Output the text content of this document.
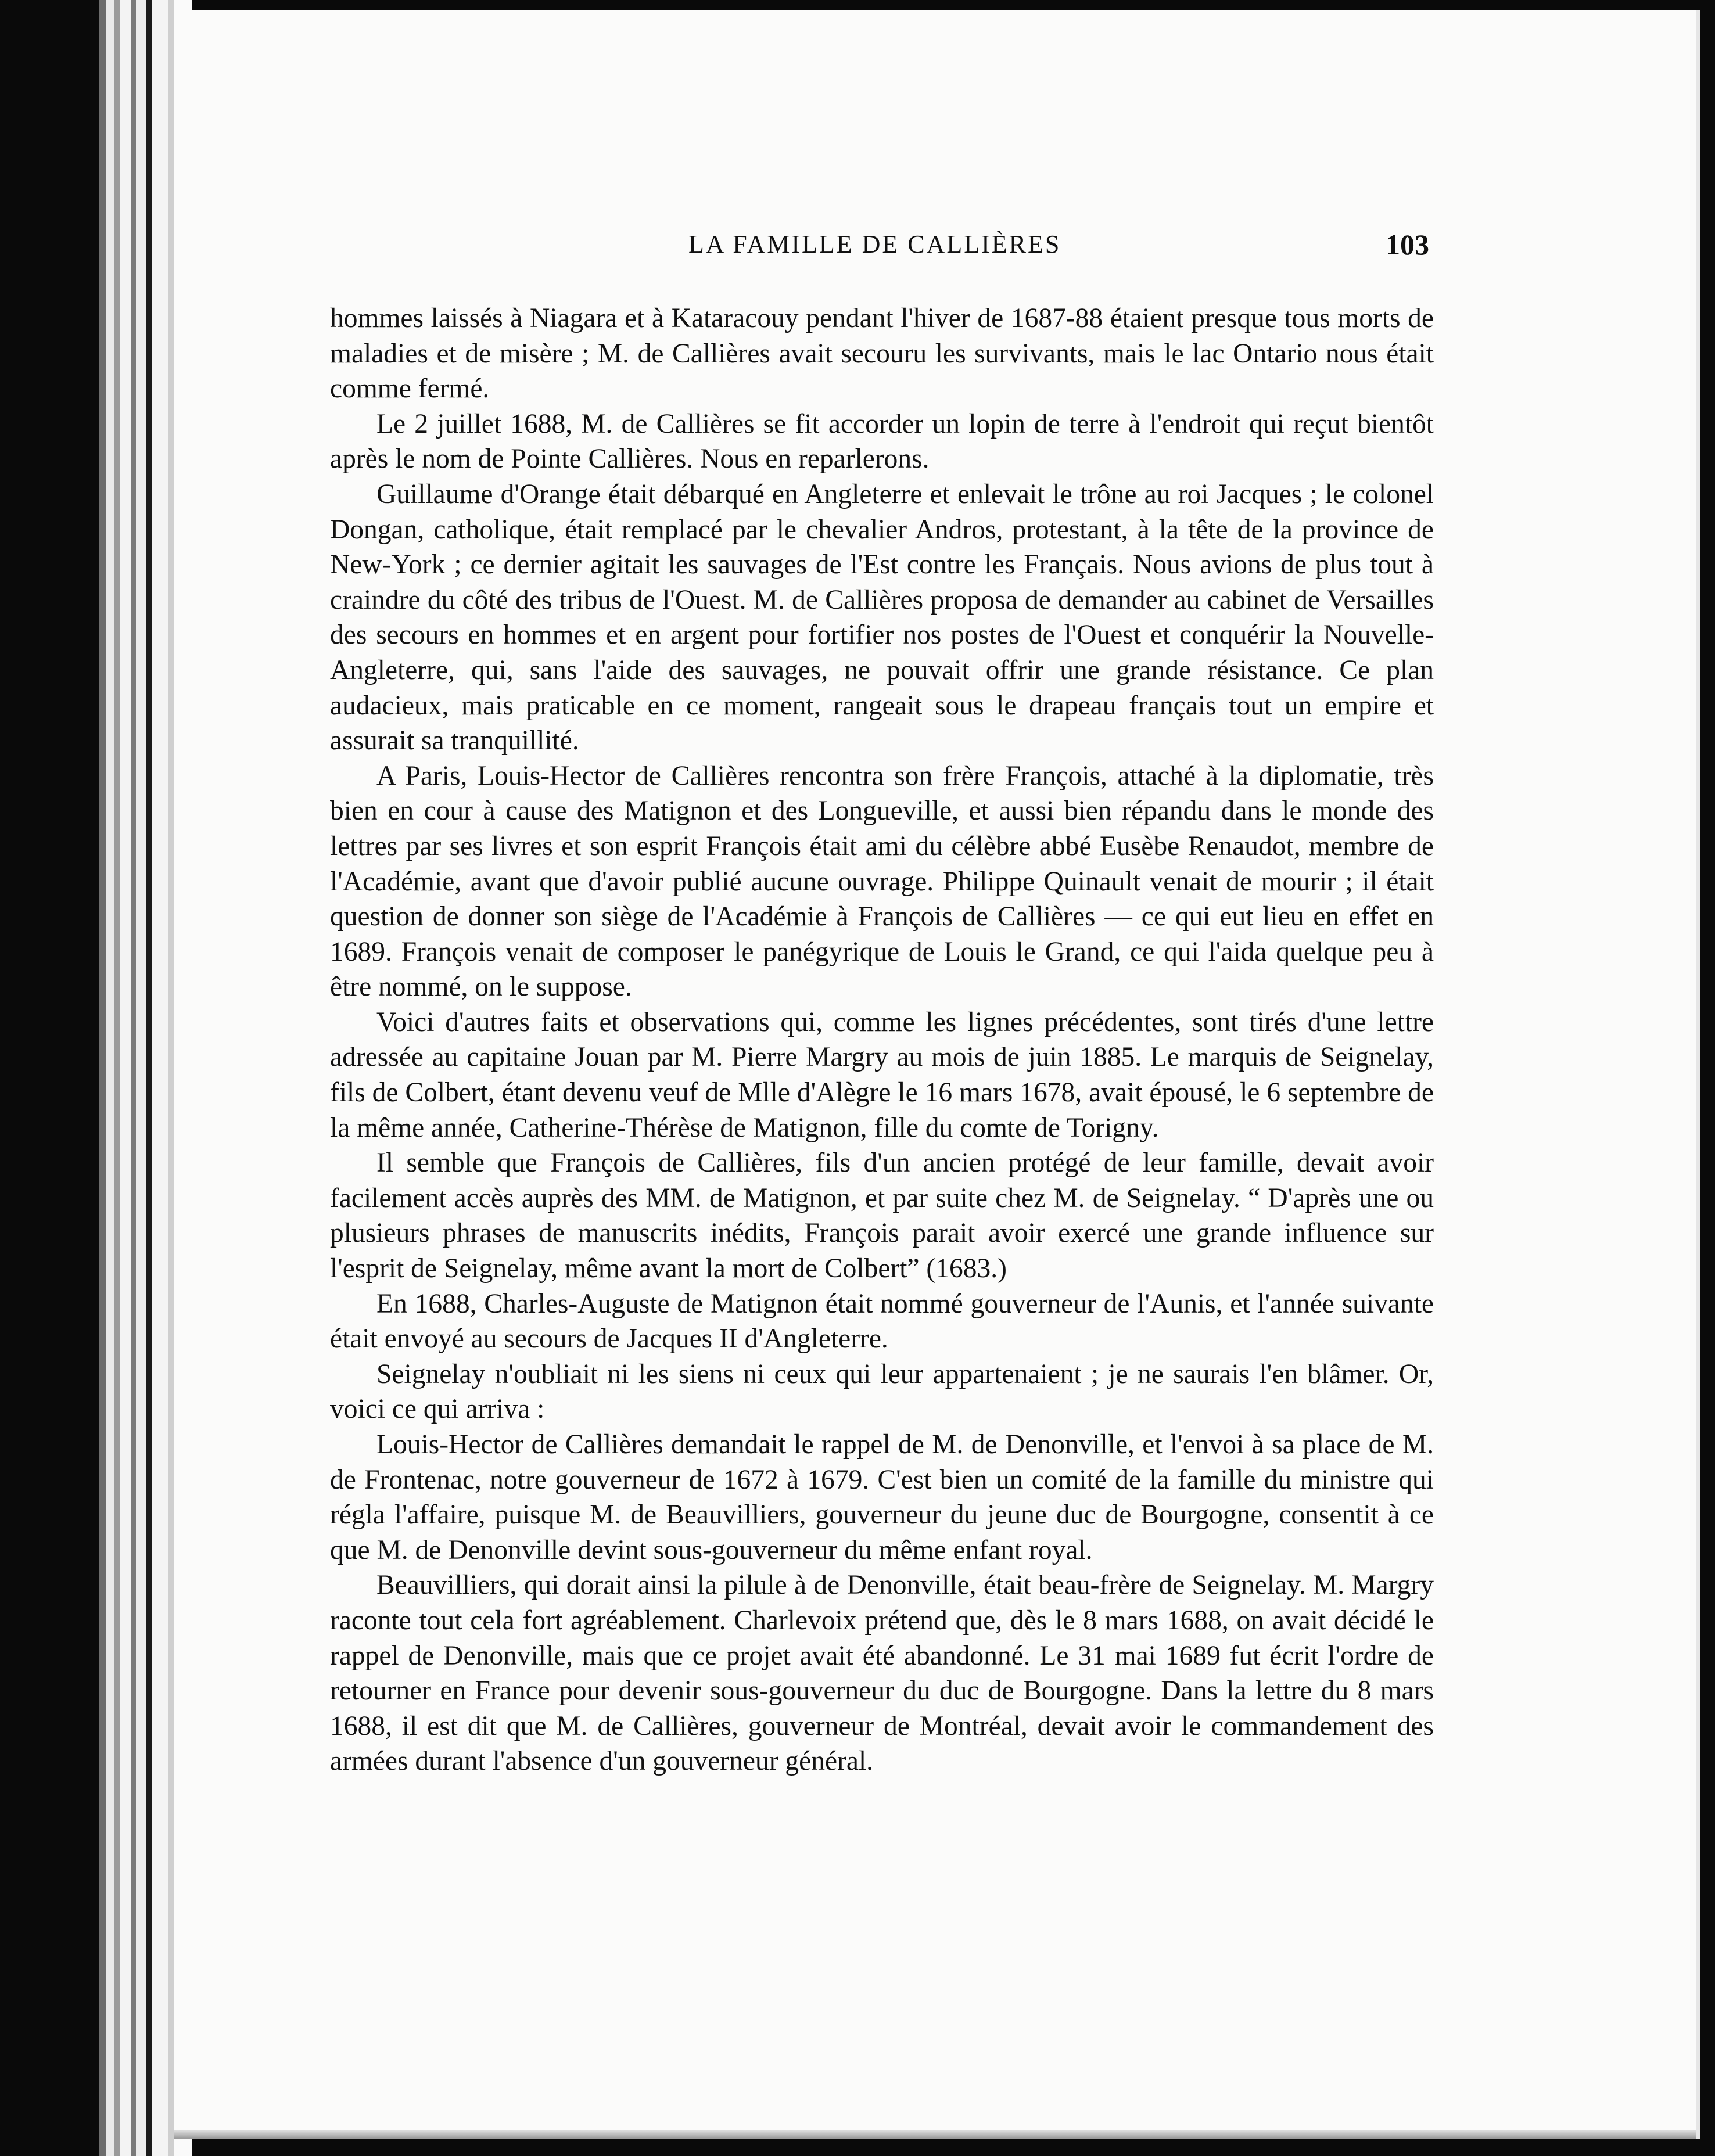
LA FAMILLE DE CALLIÈRES	103

hommes laissés à Niagara et à Kataracouy pendant l'hiver de 1687-88 étaient presque tous morts de maladies et de misère ; M. de Callières avait secouru les survivants, mais le lac Ontario nous était comme fermé.

Le 2 juillet 1688, M. de Callières se fit accorder un lopin de terre à l'endroit qui reçut bientôt après le nom de Pointe Callières. Nous en reparlerons.

Guillaume d'Orange était débarqué en Angleterre et enlevait le trône au roi Jacques ; le colonel Dongan, catholique, était remplacé par le chevalier Andros, protestant, à la tête de la province de New-York ; ce dernier agitait les sauvages de l'Est contre les Français. Nous avions de plus tout à craindre du côté des tribus de l'Ouest. M. de Callières proposa de demander au cabinet de Versailles des secours en hommes et en argent pour fortifier nos postes de l'Ouest et conquérir la Nouvelle-Angleterre, qui, sans l'aide des sauvages, ne pouvait offrir une grande résistance. Ce plan audacieux, mais praticable en ce moment, rangeait sous le drapeau français tout un empire et assurait sa tranquillité.

A Paris, Louis-Hector de Callières rencontra son frère François, attaché à la diplomatie, très bien en cour à cause des Matignon et des Longueville, et aussi bien répandu dans le monde des lettres par ses livres et son esprit François était ami du célèbre abbé Eusèbe Renaudot, membre de l'Académie, avant que d'avoir publié aucune ouvrage. Philippe Quinault venait de mourir ; il était question de donner son siège de l'Académie à François de Callières — ce qui eut lieu en effet en 1689. François venait de composer le panégyrique de Louis le Grand, ce qui l'aida quelque peu à être nommé, on le suppose.

Voici d'autres faits et observations qui, comme les lignes précédentes, sont tirés d'une lettre adressée au capitaine Jouan par M. Pierre Margry au mois de juin 1885. Le marquis de Seignelay, fils de Colbert, étant devenu veuf de Mlle d'Alègre le 16 mars 1678, avait épousé, le 6 septembre de la même année, Catherine-Thérèse de Matignon, fille du comte de Torigny.

Il semble que François de Callières, fils d'un ancien protégé de leur famille, devait avoir facilement accès auprès des MM. de Matignon, et par suite chez M. de Seignelay. “ D'après une ou plusieurs phrases de manuscrits inédits, François parait avoir exercé une grande influence sur l'esprit de Seignelay, même avant la mort de Colbert” (1683.)

En 1688, Charles-Auguste de Matignon était nommé gouverneur de l'Aunis, et l'année suivante était envoyé au secours de Jacques II d'Angleterre.

Seignelay n'oubliait ni les siens ni ceux qui leur appartenaient ; je ne saurais l'en blâmer. Or, voici ce qui arriva :

Louis-Hector de Callières demandait le rappel de M. de Denonville, et l'envoi à sa place de M. de Frontenac, notre gouverneur de 1672 à 1679. C'est bien un comité de la famille du ministre qui régla l'affaire, puisque M. de Beauvilliers, gouverneur du jeune duc de Bourgogne, consentit à ce que M. de Denonville devint sous-gouverneur du même enfant royal.

Beauvilliers, qui dorait ainsi la pilule à de Denonville, était beau-frère de Seignelay. M. Margry raconte tout cela fort agréablement. Charlevoix prétend que, dès le 8 mars 1688, on avait décidé le rappel de Denonville, mais que ce projet avait été abandonné. Le 31 mai 1689 fut écrit l'ordre de retourner en France pour devenir sous-gouverneur du duc de Bourgogne. Dans la lettre du 8 mars 1688, il est dit que M. de Callières, gouverneur de Montréal, devait avoir le commandement des armées durant l'absence d'un gouverneur général.
